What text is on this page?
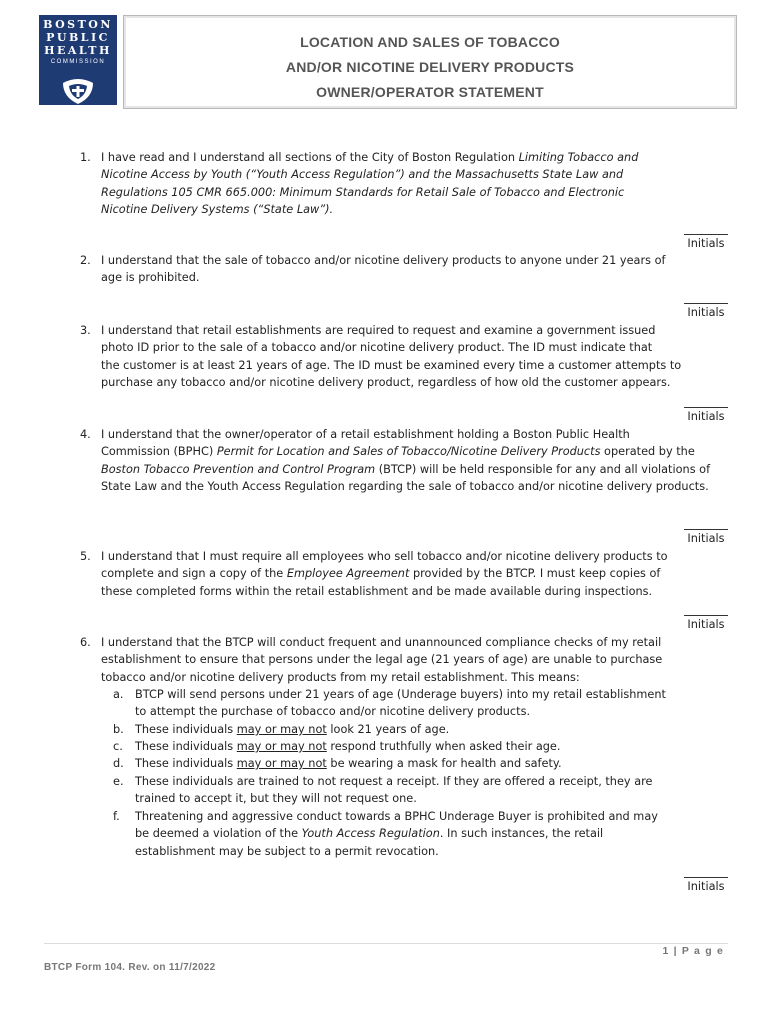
BOSTON
PUBLIC
HEALTH
COMMISSION
LOCATION AND SALES OF TOBACCO
AND/OR NICOTINE DELIVERY PRODUCTS
OWNER/OPERATOR STATEMENT
1. I have read and I understand all sections of the City of Boston Regulation Limiting Tobacco and
Nicotine Access by Youth (“Youth Access Regulation”) and the Massachusetts State Law and
Regulations 105 CMR 665.000: Minimum Standards for Retail Sale of Tobacco and Electronic
Nicotine Delivery Systems (“State Law”).
2. I understand that the sale of tobacco and/or nicotine delivery products to anyone under 21 years of
age is prohibited.
3. I understand that retail establishments are required to request and examine a government issued
photo ID prior to the sale of a tobacco and/or nicotine delivery product. The ID must indicate that
the customer is at least 21 years of age. The ID must be examined every time a customer attempts to
purchase any tobacco and/or nicotine delivery product, regardless of how old the customer appears.
4. I understand that the owner/operator of a retail establishment holding a Boston Public Health
Commission (BPHC) Permit for Location and Sales of Tobacco/Nicotine Delivery Products operated by the
Boston Tobacco Prevention and Control Program (BTCP) will be held responsible for any and all violations of
State Law and the Youth Access Regulation regarding the sale of tobacco and/or nicotine delivery products.
5. I understand that I must require all employees who sell tobacco and/or nicotine delivery products to
complete and sign a copy of the Employee Agreement provided by the BTCP. I must keep copies of
these completed forms within the retail establishment and be made available during inspections.
6. I understand that the BTCP will conduct frequent and unannounced compliance checks of my retail
establishment to ensure that persons under the legal age (21 years of age) are unable to purchase
tobacco and/or nicotine delivery products from my retail establishment. This means:
a. BTCP will send persons under 21 years of age (Underage buyers) into my retail establishment
to attempt the purchase of tobacco and/or nicotine delivery products.
b. These individuals may or may not look 21 years of age.
c. These individuals may or may not respond truthfully when asked their age.
d. These individuals may or may not be wearing a mask for health and safety.
e. These individuals are trained to not request a receipt. If they are offered a receipt, they are
trained to accept it, but they will not request one.
f. Threatening and aggressive conduct towards a BPHC Underage Buyer is prohibited and may
be deemed a violation of the Youth Access Regulation. In such instances, the retail
establishment may be subject to a permit revocation.
Initials
Initials
Initials
Initials
Initials
Initials
1 | P a g e
BTCP Form 104. Rev. on 11/7/2022
